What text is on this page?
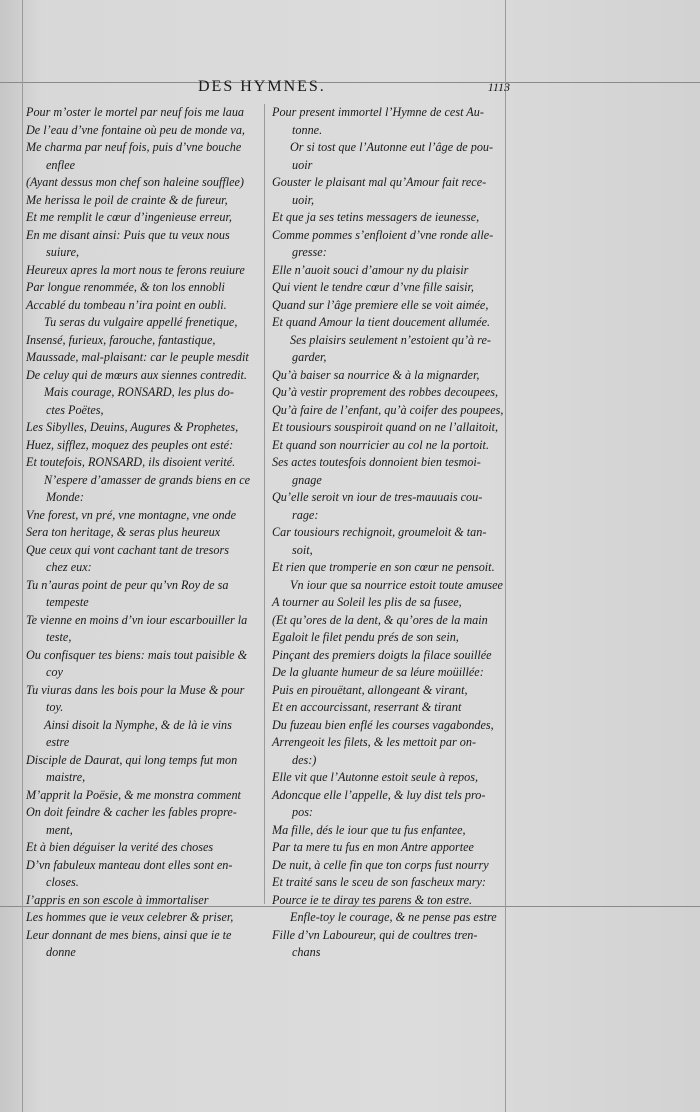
DES HYMNES.	1113
Pour m’oster le mortel par neuf fois me laua
De l’eau d’vne fontaine où peu de monde va,
Me charma par neuf fois, puis d’vne bouche
enflee
(Ayant dessus mon chef son haleine soufflee)
Me herissa le poil de crainte & de fureur,
Et me remplit le cœur d’ingenieuse erreur,
En me disant ainsi: Puis que tu veux nous
suiure,
Heureux apres la mort nous te ferons reuiure
Par longue renommée, & ton los ennobli
Accablé du tombeau n’ira point en oubli.
Tu seras du vulgaire appellé frenetique,
Insensé, furieux, farouche, fantastique,
Maussade, mal-plaisant: car le peuple mesdit
De celuy qui de mœurs aux siennes contredit.
Mais courage, RONSARD, les plus do-
ctes Poëtes,
Les Sibylles, Deuins, Augures & Prophetes,
Huez, sifflez, moquez des peuples ont esté:
Et toutefois, RONSARD, ils disoient verité.
N’espere d’amasser de grands biens en ce
Monde:
Vne forest, vn pré, vne montagne, vne onde
Sera ton heritage, & seras plus heureux
Que ceux qui vont cachant tant de tresors
chez eux:
Tu n’auras point de peur qu’vn Roy de sa
tempeste
Te vienne en moins d’vn iour escarbouiller la
teste,
Ou confisquer tes biens: mais tout paisible &
coy
Tu viuras dans les bois pour la Muse & pour
toy.
Ainsi disoit la Nymphe, & de là ie vins
estre
Disciple de Daurat, qui long temps fut mon
maistre,
M’apprit la Poësie, & me monstra comment
On doit feindre & cacher les fables propre-
ment,
Et à bien déguiser la verité des choses
D’vn fabuleux manteau dont elles sont en-
closes.
I’appris en son escole à immortaliser
Les hommes que ie veux celebrer & priser,
Leur donnant de mes biens, ainsi que ie te
donne
Pour present immortel l’Hymne de cest Au-
tonne.
Or si tost que l’Autonne eut l’âge de pou-
uoir
Gouster le plaisant mal qu’Amour fait rece-
uoir,
Et que ja ses tetins messagers de ieunesse,
Comme pommes s’enfloient d’vne ronde alle-
gresse:
Elle n’auoit souci d’amour ny du plaisir
Qui vient le tendre cœur d’vne fille saisir,
Quand sur l’âge premiere elle se voit aimée,
Et quand Amour la tient doucement allumée.
Ses plaisirs seulement n’estoient qu’à re-
garder,
Qu’à baiser sa nourrice & à la mignarder,
Qu’à vestir proprement des robbes decoupees,
Qu’à faire de l’enfant, qu’à coifer des poupees,
Et tousiours souspiroit quand on ne l’allaitoit,
Et quand son nourricier au col ne la portoit.
Ses actes toutesfois donnoient bien tesmoi-
gnage
Qu’elle seroit vn iour de tres-mauuais cou-
rage:
Car tousiours rechignoit, groumeloit & tan-
soit,
Et rien que tromperie en son cœur ne pensoit.
Vn iour que sa nourrice estoit toute amusee
A tourner au Soleil les plis de sa fusee,
(Et qu’ores de la dent, & qu’ores de la main
Egaloit le filet pendu prés de son sein,
Pinçant des premiers doigts la filace souillée
De la gluante humeur de sa léure moüillée:
Puis en pirouëtant, allongeant & virant,
Et en accourcissant, reserrant & tirant
Du fuzeau bien enflé les courses vagabondes,
Arrengeoit les filets, & les mettoit par on-
des:)
Elle vit que l’Autonne estoit seule à repos,
Adoncque elle l’appelle, & luy dist tels pro-
pos:
Ma fille, dés le iour que tu fus enfantee,
Par ta mere tu fus en mon Antre apportee
De nuit, à celle fin que ton corps fust nourry
Et traité sans le sceu de son fascheux mary:
Pource ie te diray tes parens & ton estre.
Enfle-toy le courage, & ne pense pas estre
Fille d’vn Laboureur, qui de coultres tren-
chans
